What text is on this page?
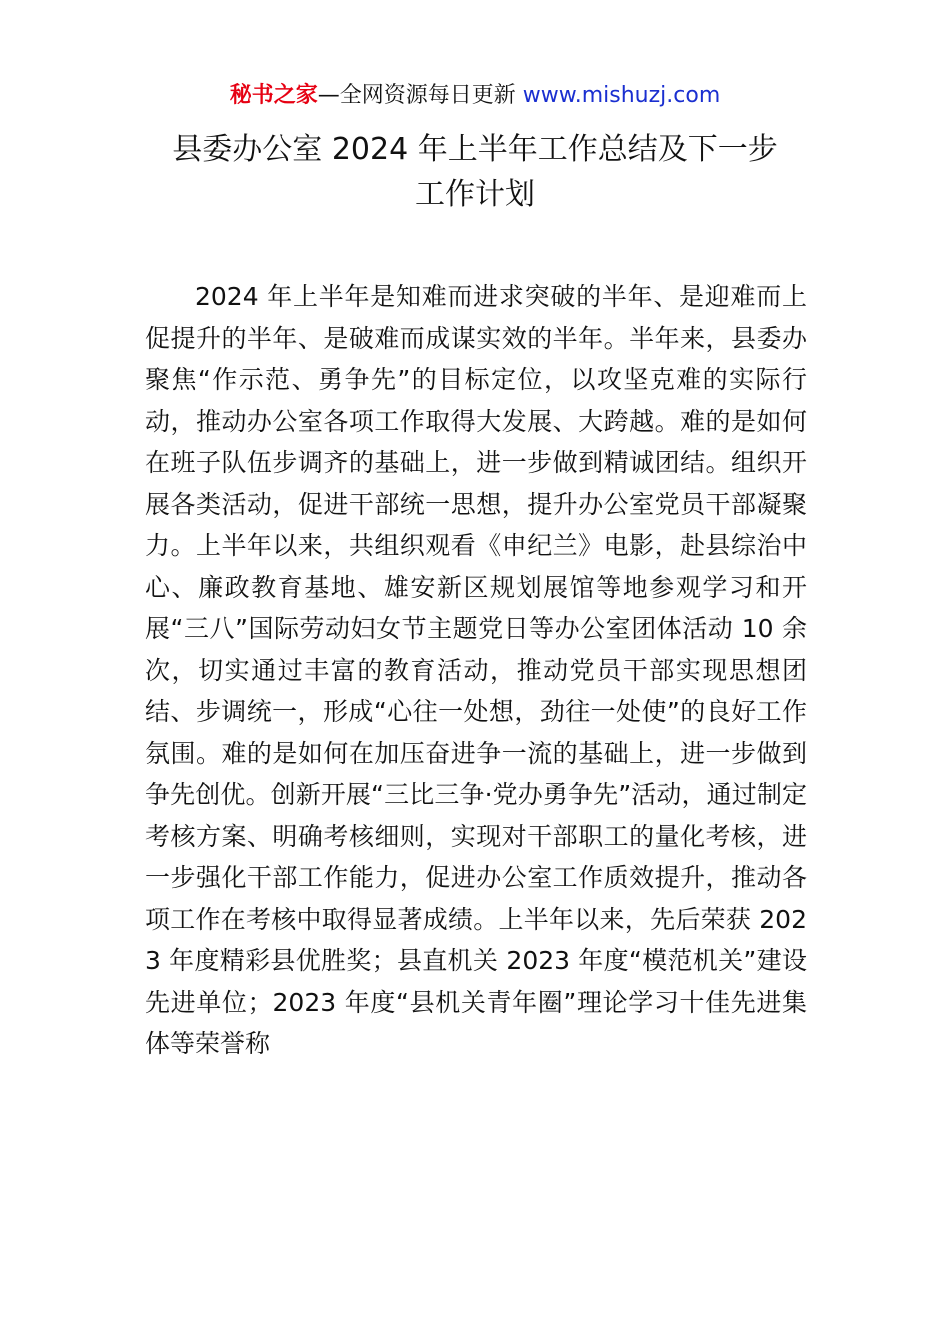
秘书之家—全网资源每日更新 www.mishuzj.com
县委办公室 2024 年上半年工作总结及下一步
工作计划

2024 年上半年是知难而进求突破的半年、是迎难而上促提升的半年、是破难而成谋实效的半年。半年来，县委办聚焦“作示范、勇争先”的目标定位，以攻坚克难的实际行动，推动办公室各项工作取得大发展、大跨越。难的是如何在班子队伍步调齐的基础上，进一步做到精诚团结。组织开展各类活动，促进干部统一思想，提升办公室党员干部凝聚力。上半年以来，共组织观看《申纪兰》电影，赴县综治中心、廉政教育基地、雄安新区规划展馆等地参观学习和开展“三八”国际劳动妇女节主题党日等办公室团体活动 10 余次，切实通过丰富的教育活动，推动党员干部实现思想团结、步调统一，形成“心往一处想，劲往一处使”的良好工作氛围。难的是如何在加压奋进争一流的基础上，进一步做到争先创优。创新开展“三比三争·党办勇争先”活动，通过制定考核方案、明确考核细则，实现对干部职工的量化考核，进一步强化干部工作能力，促进办公室工作质效提升，推动各项工作在考核中取得显著成绩。上半年以来，先后荣获 2023 年度精彩县优胜奖；县直机关 2023 年度“模范机关”建设先进单位；2023 年度“县机关青年圈”理论学习十佳先进集体等荣誉称
